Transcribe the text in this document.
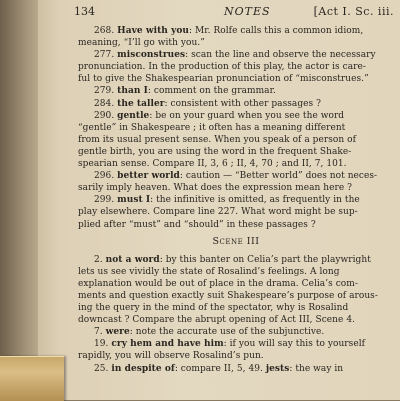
134	NOTES	[Act I. Sc. iii.
268. Have with you: Mr. Rolfe calls this a common idiom,
meaning, “I’ll go with you.”
277. misconstrues: scan the line and observe the necessary
pronunciation. In the production of this play, the actor is care-
ful to give the Shakespearian pronunciation of “misconstrues.”
279. than I: comment on the grammar.
284. the taller: consistent with other passages ?
290. gentle: be on your guard when you see the word
“gentle” in Shakespeare ; it often has a meaning different
from its usual present sense. When you speak of a person of
gentle birth, you are using the word in the frequent Shake-
spearian sense. Compare II, 3, 6 ; II, 4, 70 ; and II, 7, 101.
296. better world: caution — “Better world” does not neces-
sarily imply heaven. What does the expression mean here ?
299. must I: the infinitive is omitted, as frequently in the
play elsewhere. Compare line 227. What word might be sup-
plied after “must” and “should” in these passages ?
Scene III
2. not a word: by this banter on Celia’s part the playwright
lets us see vividly the state of Rosalind’s feelings. A long
explanation would be out of place in the drama. Celia’s com-
ments and question exactly suit Shakespeare’s purpose of arous-
ing the query in the mind of the spectator, why is Rosalind
downcast ? Compare the abrupt opening of Act III, Scene 4.
7. were: note the accurate use of the subjunctive.
19. cry hem and have him: if you will say this to yourself
rapidly, you will observe Rosalind’s pun.
25. in despite of: compare II, 5, 49. jests: the way in
